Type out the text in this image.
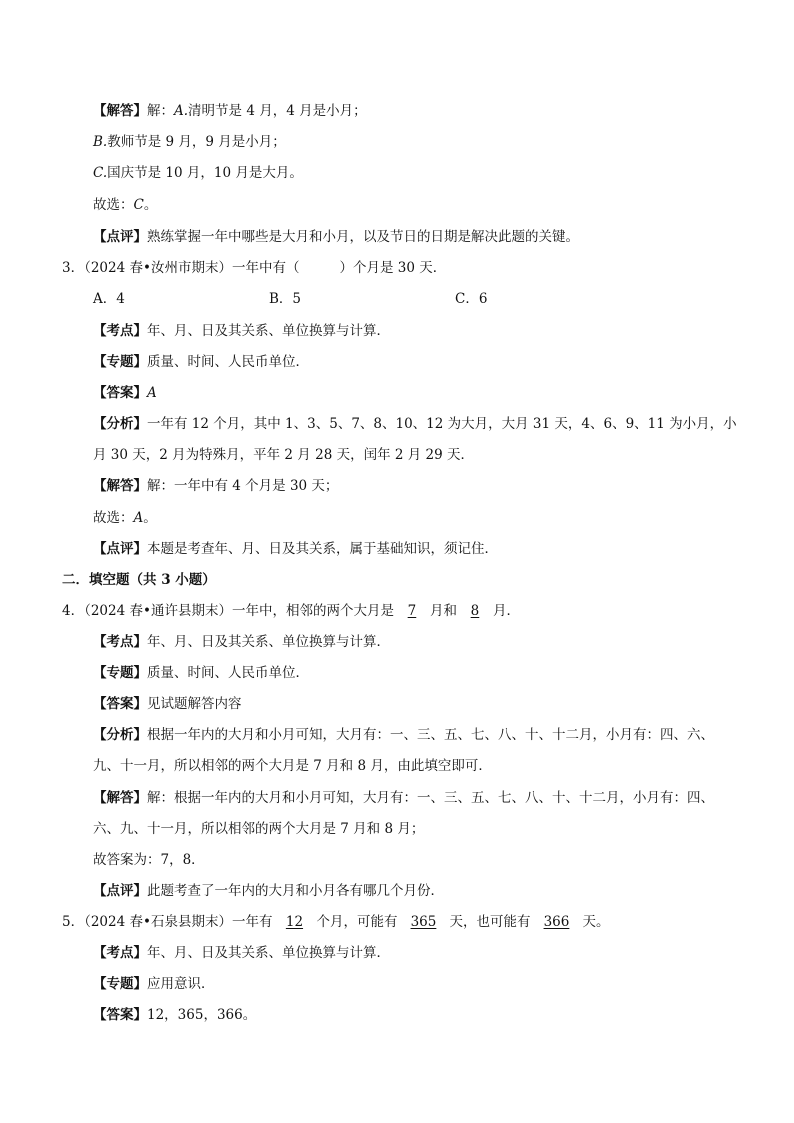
【解答】解：A.清明节是 4 月，4 月是小月；
B.教师节是 9 月，9 月是小月；
C.国庆节是 10 月，10 月是大月。
故选：C。
【点评】熟练掌握一年中哪些是大月和小月，以及节日的日期是解决此题的关键。
3．（2024 春•汝州市期末）一年中有（	）个月是 30 天．
A．4	B．5	C．6
【考点】年、月、日及其关系、单位换算与计算．
【专题】质量、时间、人民币单位．
【答案】A
【分析】一年有 12 个月，其中 1、3、5、7、8、10、12 为大月，大月 31 天，4、6、9、11 为小月，小
月 30 天，2 月为特殊月，平年 2 月 28 天，闰年 2 月 29 天．
【解答】解：一年中有 4 个月是 30 天；
故选：A。
【点评】本题是考查年、月、日及其关系，属于基础知识，须记住．
二．填空题（共 3 小题）
4．（2024 春•通许县期末）一年中，相邻的两个大月是 7 月和 8 月．
【考点】年、月、日及其关系、单位换算与计算．
【专题】质量、时间、人民币单位．
【答案】见试题解答内容
【分析】根据一年内的大月和小月可知，大月有：一、三、五、七、八、十、十二月，小月有：四、六、
九、十一月，所以相邻的两个大月是 7 月和 8 月，由此填空即可．
【解答】解：根据一年内的大月和小月可知，大月有：一、三、五、七、八、十、十二月，小月有：四、
六、九、十一月，所以相邻的两个大月是 7 月和 8 月；
故答案为：7，8．
【点评】此题考查了一年内的大月和小月各有哪几个月份．
5．（2024 春•石泉县期末）一年有 12 个月，可能有 365 天，也可能有 366 天。
【考点】年、月、日及其关系、单位换算与计算．
【专题】应用意识．
【答案】12，365，366。
